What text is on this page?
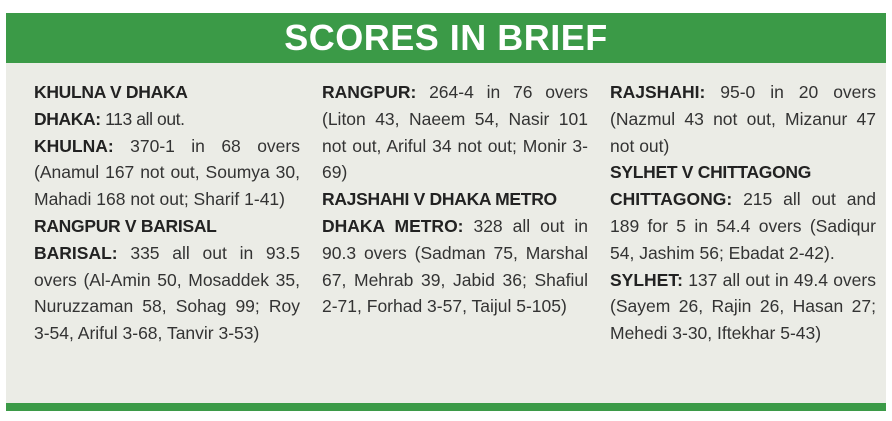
SCORES IN BRIEF

KHULNA V DHAKA

DHAKA: 113 all out.

KHULNA: 370-1 in 68 overs (Anamul 167 not out, Soumya 30, Mahadi 168 not out; Sharif 1-41)

RANGPUR V BARISAL

BARISAL: 335 all out in 93.5 overs (Al-Amin 50, Mosaddek 35, Nuruzzaman 58, Sohag 99; Roy 3-54, Ariful 3-68, Tanvir 3-53)

RANGPUR: 264-4 in 76 overs (Liton 43, Naeem 54, Nasir 101 not out, Ariful 34 not out; Monir 3-69)

RAJSHAHI V DHAKA METRO

DHAKA METRO: 328 all out in 90.3 overs (Sadman 75, Marshal 67, Mehrab 39, Jabid 36; Shafiul 2-71, Forhad 3-57, Taijul 5-105)

RAJSHAHI: 95-0 in 20 overs (Nazmul 43 not out, Mizanur 47 not out)

SYLHET V CHITTAGONG

CHITTAGONG: 215 all out and 189 for 5 in 54.4 overs (Sadiqur 54, Jashim 56; Ebadat 2-42).

SYLHET: 137 all out in 49.4 overs (Sayem 26, Rajin 26, Hasan 27; Mehedi 3-30, Iftekhar 5-43)
